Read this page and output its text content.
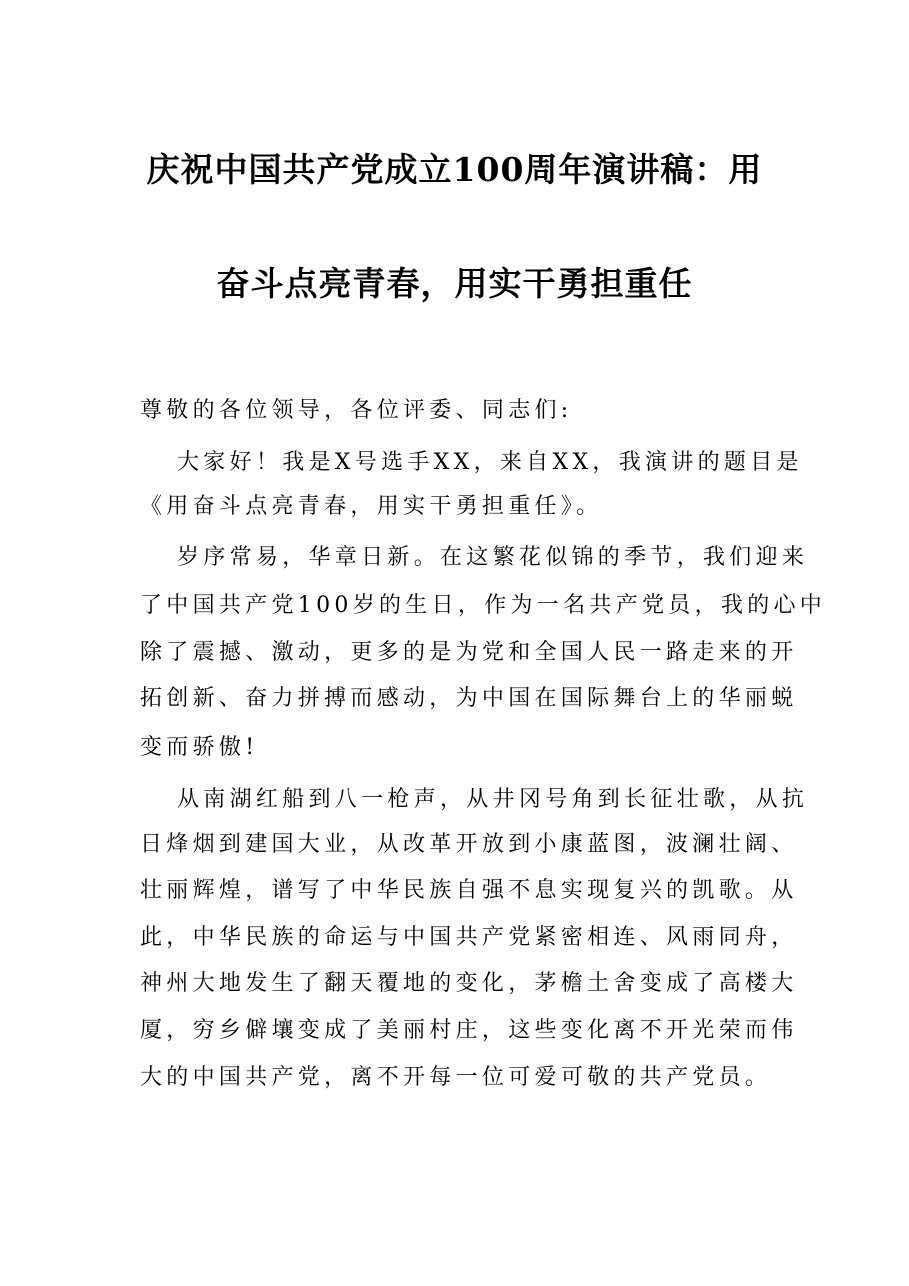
庆祝中国共产党成立100周年演讲稿：用
奋斗点亮青春，用实干勇担重任
尊敬的各位领导，各位评委、同志们:
大家好！我是X号选手XX，来自XX，我演讲的题目是
《用奋斗点亮青春，用实干勇担重任》。
岁序常易，华章日新。在这繁花似锦的季节，我们迎来
了中国共产党100岁的生日，作为一名共产党员，我的心中
除了震撼、激动，更多的是为党和全国人民一路走来的开
拓创新、奋力拼搏而感动，为中国在国际舞台上的华丽蜕
变而骄傲!
从南湖红船到八一枪声，从井冈号角到长征壮歌，从抗
日烽烟到建国大业，从改革开放到小康蓝图，波澜壮阔、
壮丽辉煌，谱写了中华民族自强不息实现复兴的凯歌。从
此，中华民族的命运与中国共产党紧密相连、风雨同舟，
神州大地发生了翻天覆地的变化，茅檐土舍变成了高楼大
厦，穷乡僻壤变成了美丽村庄，这些变化离不开光荣而伟
大的中国共产党，离不开每一位可爱可敬的共产党员。
